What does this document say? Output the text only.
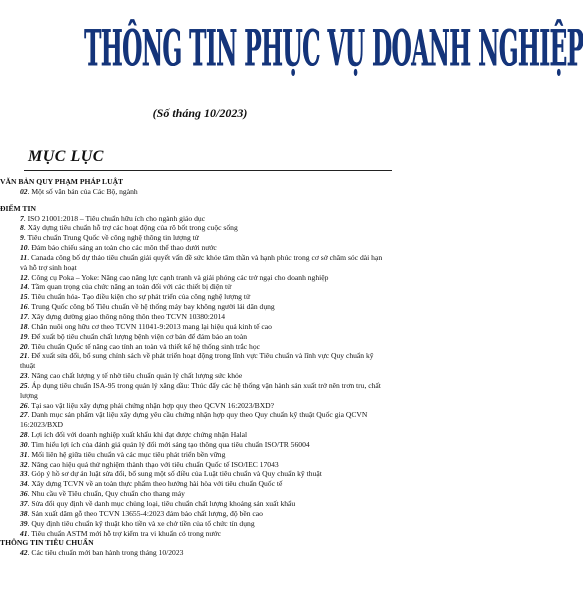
THÔNG TIN PHỤC VỤ DOANH NGHIỆP
(Số tháng 10/2023)
MỤC LỤC
VĂN BẢN QUY PHẠM PHÁP LUẬT
02. Một số văn bản của Các Bộ, ngành
ĐIỂM TIN
7. ISO 21001:2018 – Tiêu chuẩn hữu ích cho ngành giáo dục
8. Xây dựng tiêu chuẩn hỗ trợ các hoạt động của rô bốt trong cuộc sống
9. Tiêu chuẩn Trung Quốc về công nghệ thông tin lượng tử
10. Đảm bảo chiếu sáng an toàn cho các môn thể thao dưới nước
11. Canada công bố dự thảo tiêu chuẩn giải quyết vấn đề sức khỏe tâm thần và hạnh phúc trong cơ sở chăm sóc dài hạn và hỗ trợ sinh hoạt
12. Công cụ Poka – Yoke: Nâng cao năng lực cạnh tranh và giải phóng các trở ngại cho doanh nghiệp
14. Tầm quan trọng của chức năng an toàn đối với các thiết bị điện tử
15. Tiêu chuẩn hóa- Tạo điều kiện cho sự phát triển của công nghệ lượng tử
16. Trung Quốc công bố Tiêu chuẩn về hệ thống máy bay không người lái dân dụng
17. Xây dựng đường giao thông nông thôn theo TCVN 10380:2014
18. Chăn nuôi ong hữu cơ theo TCVN 11041-9:2013 mang lại hiệu quả kinh tế cao
19. Để xuất bộ tiêu chuẩn chất lượng bệnh viện cơ bản để đảm bảo an toàn
20. Tiêu chuẩn Quốc tế nâng cao tính an toàn và thiết kế hệ thống sinh trắc học
21. Để xuất sửa đổi, bổ sung chính sách về phát triển hoạt động trong lĩnh vực Tiêu chuẩn và lĩnh vực Quy chuẩn kỹ thuật
23. Nâng cao chất lượng y tế nhờ tiêu chuẩn quản lý chất lượng sức khỏe
25. Áp dụng tiêu chuẩn ISA-95 trong quản lý xăng dầu: Thúc đẩy các hệ thống vận hành sản xuất trở nên trơn tru, chất lượng
26. Tại sao vật liệu xây dựng phải chứng nhận hợp quy theo QCVN 16:2023/BXD?
27. Danh mục sản phẩm vật liệu xây dựng yêu cầu chứng nhận hợp quy theo Quy chuẩn kỹ thuật Quốc gia QCVN 16:2023/BXD
28. Lợi ích đối với doanh nghiệp xuất khẩu khi đạt được chứng nhận Halal
30. Tìm hiểu lợi ích của đánh giá quản lý đối mới sáng tạo thông qua tiêu chuẩn ISO/TR 56004
31. Mối liên hệ giữa tiêu chuẩn và các mục tiêu phát triển bền vững
32. Nâng cao hiệu quả thử nghiệm thành thạo với tiêu chuẩn Quốc tế ISO/IEC 17043
33. Góp ý hồ sơ dự án luật sửa đổi, bổ sung một số điều của Luật tiêu chuẩn và Quy chuẩn kỹ thuật
34. Xây dựng TCVN về an toàn thực phẩm theo hướng hài hòa với tiêu chuẩn Quốc tế
36. Nhu cầu về Tiêu chuẩn, Quy chuẩn cho thang máy
37. Sửa đổi quy định về danh mục chủng loại, tiêu chuẩn chất lượng khoáng sản xuất khẩu
38. Sản xuất dăm gỗ theo TCVN 13655-4:2023 đảm bảo chất lượng, độ bền cao
39. Quy định tiêu chuẩn kỹ thuật kho tiền và xe chở tiền của tổ chức tín dụng
41. Tiêu chuẩn ASTM mới hỗ trợ kiểm tra vi khuẩn có trong nước
THÔNG TIN TIÊU CHUẨN
42. Các tiêu chuẩn mới ban hành trong tháng 10/2023
